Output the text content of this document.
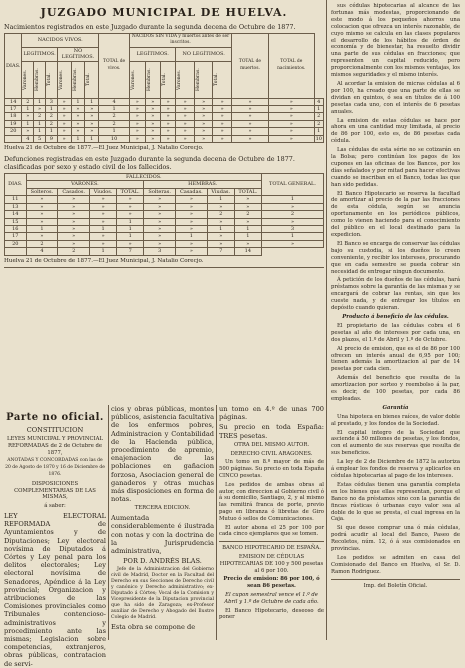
JUZGADO MUNICIPAL DE HUELVA.
Nacimientos registrados en este Juzgado durante la segunda decena de Octubre de 1877.
DIAS.	NACIDOS VIVOS.						TOTAL de vivos.	NACIDOS SIN VIDA y muertos antes de ser inscritos.						TOTAL de muertos.	TOTAL de nacimientos.	
	LEGÍTIMOS.			NO LEGÍTIMOS.				LEGÍTIMOS.			NO LEGÍTIMOS.					

	Varones.	Hembras.	Total.	Varones.	Hembras.	Total.		Varones.	Hembras.	Total.	Varones.	Hembras.	Total.			

14	2	1	3	»	1	1	4	»	»	»	»	»	»	»	»	4
17	1	»	1	»	»	»	1	»	»	»	»	»	»	»	»	1
18	»	2	2	»	»	»	2	»	»	»	»	»	»	»	»	2
19	1	1	2	»	»	»	2	»	»	»	»	»	»	»	»	2
20	»	1	1	»	»	»	1	»	»	»	»	»	»	»	»	1
	4	5	9	»	1	1	10	»	»	»	»	»	»	»	»	10
Huelva 21 de Octubre de 1877.—El Juez Municipal, J. Natalio Corecjo.
Defunciones registradas en este Juzgado durante la segunda decena de Octubre de 1877. clasificadas por sexo y estado civil de los fallecidos.
DIAS.	FALLECIDOS.								TOTAL GENERAL.
	VARONES.				HEMBRAS.				
	Solteros.	Casados.	Viudos.	TOTAL.	Solteras.	Casadas.	Viudas.	TOTAL.	
11	»	»	»	»	»	»	1	»	1
13	»	»	»	»	»	»	»	»	»
14	»	»	»	»	»	»	2	2	2
15	»	»	»	1	»	»	»	»	»
16	1	»	1	1	»	»	1	1	3
17	»	»	»	1	»	1	»	1	1
20	2	»	»	»	»	»	»	»	»
	4	2	1	7	3	»	7	14	
Huelva 21 de Octubre de 1877.—El Juez Municipal, J. Natalio Corecjo.
Parte no oficial.

CONSTITUCION

LEYES MUNICIPAL Y PROVINCIAL REFORMADAS de 2 de Octubre de 1877,

ANOTADAS Y CONCORDADAS con las de 20 de Agosto de 1870 y 16 de Diciembre de 1876.

DISPOSICIONES COMPLEMENTARIAS DE LAS MISMAS,

á saber:

LEY ELECTORAL REFORMADA de Ayuntamientos y de Diputaciones; Ley electoral novísima de Diputados á Córtes y Ley penal para los delitos electorales; Ley electoral novísima de Senadores, Apéndice á la Ley provincial; Organizacion y atribuciones de las Comisiones provinciales como Tribunales contencioso-administrativos y procedimiento ante las mismas; Legislacion sobre competencias, extranjeros, obras públicas, contratacion de servi-

cios y obras públicas, montes públicos, asistencia facultativa de los enfermos pobres, Administracion y Contabilidad de la Hacienda pública, procedimiento de apremio, enajenacion de las poblaciones en gañacion forzosa, Asociacion general de ganaderos y otras muchas más disposiciones en forma de notas.

TERCERA EDICION.

Aumentada considerablemente é ilustrada con notas y con la doctrina de la Jurisprudencia administrativa,

POR D. ANDRÉS BLAS.

Jefe de la Administracion del Gobierno civil de Madrid, Doctor en la Facultad del Derecho en sus Secciones de Derecho civil y canónico y Derecho administrativo; ex-Diputado á Córtes; Vocal de la Comision y Vicepresidente de la Diputacion provincial que ha sido de Zaragoza; ex-Profesor auxiliar de Derecho y Abogado del Ilustre Colegio de Madrid.

Esta obra se compone de

un tomo en 4.º de unas 700 páginas.

Su precio en toda España: TRES pesetas.

OTRA DEL MISMO AUTOR.

DERECHO CIVIL ARAGONES.

Un tomo en 8.º mayor de más de 500 páginas. Su precio en toda España CINCO pesetas.

Los pedidos de ambas obras al autor, con direccion al Gobierno civil ó á su domicilio, Santiago, 2, y al mismo las remitirá franca de porte, previo pago en libranza ó libretas de Giro Mutuo ó sellos de Comunicaciones.

El autor abona el 25 por 100 por cada cinco ejemplares que se tomen.

BANCO HIPOTECARIO DE ESPAÑA.

EMISION DE CÉDULAS HIPOTECARIAS DE 100 y 500 pesetas al 6 por 100.

Precio de emision: 86 por 100, ó sean 86 pesetas.

El cupon semestral vence el 1.º de Abril y 1.º de Octubre de cada año.

El Banco Hipotecario, deseoso de poner

sus cédulas hipotecarias al alcance de las fortunas más modestas, proporcionando de este modo á los pequeños ahorros una colocacion que ofrezca un interés razonable, de cuyo mismo se calcula en las clases populares el desarrollo de los hábitos de órden de economía y de bienestar, ha resuelto dividir una parte de sus cédulas en fracciones; que representen un capital reducido, pero proporcionalmente con los mismos ventajas, los mismos seguridades y el mismo interés.

Al acordar la emision de micras cédulas al 6 por 100, ha creado que una parte de ellas se dividan en quintos, ó sea en títulos de á 100 pesetas cada uno, con el interés de 6 pesetas anuales.

La emision de estas cédulas se hace por ahora en una cantidad muy limitada, al precio de 86 por 100, esto es, de 86 pesetas cada cédula.

Las cédulas de esta série no se cotizarán en la Bolsa; pero continúan los pagos de los cupones en las oficinas de los Bancos, por los días señalados y por mitad para hacer efectivas cuando se inscriban en el Banco, todas las que han sido pedidas.

El Banco Hipotecario se reserva la facultad de amortizar al precio de la par las fracciones de esta cédula, según se anuncia oportunamente en los periódicos públicos, como lo vienen haciendo para el conocimiento del público en el local destinado para la expedicion.

El Banco se encarga de conservar las cédulas bajo su custodia, si los dueños lo creen conveniente, y recibir los intereses, procurando que en cada semestre se pueda cobrar sin necesidad de entregar ningun documento.

Á petición de los dueños de las cédulas, hará préstamos sobre la garantía de las mismas y se encargará de cobrar las rentas, sin que les cueste nada, y de entregar los títulos en depósito cuando quieran.

Producto á beneficio de las cédulas.

El propietario de las cédulas cobra el 6 pesetas al año de intereses por cada una, en dos plazos, el 1.º de Abril y 1.º de Octubre.

Al precio de emision, que es el de 86 por 100 ofrecen un interés anual de 6,95 por 100; tienen además la amortizacion al par de 14 pesetas por cada cien.

Además del beneficio que resulta de la amortizacion por sorteo y reembolso á la par, es decir, de 100 pesetas, por cada 86 empleadas.

Garantía

Una hipoteca en bienes raíces, de valor doble al prestado, y los fondos de la Sociedad.

El capital integro de la Sociedad que asciende á 50 millones de pesetas, y los fondos, con el aumento de sus reservas que resulta de sus beneficios.

La ley de 2 de Diciembre de 1872 la autoriza á emplear los fondos de reserva y aplicarlos en cédulas hipotecarias al pago de los intereses.

Estas cédulas tienen una garantía completa en los bienes que ellas representan, porque el Banco no da préstamos sino con la garantía de fincas rústicas ó urbanas cuyo valor sea al doble de lo que se presta, el cual ingresa en la Caja.

Si que desee comprar una ó más cédulas, podrá acudir al local del Banco, Paseo de Recoletos, núm. 12, ó á sus comisionados en provincias.

Los pedidos se admiten en casa del Comisionado del Banco en Huelva, el Sr. D. Ramon Rodriguez.

Imp. del Boletín Oficial.
